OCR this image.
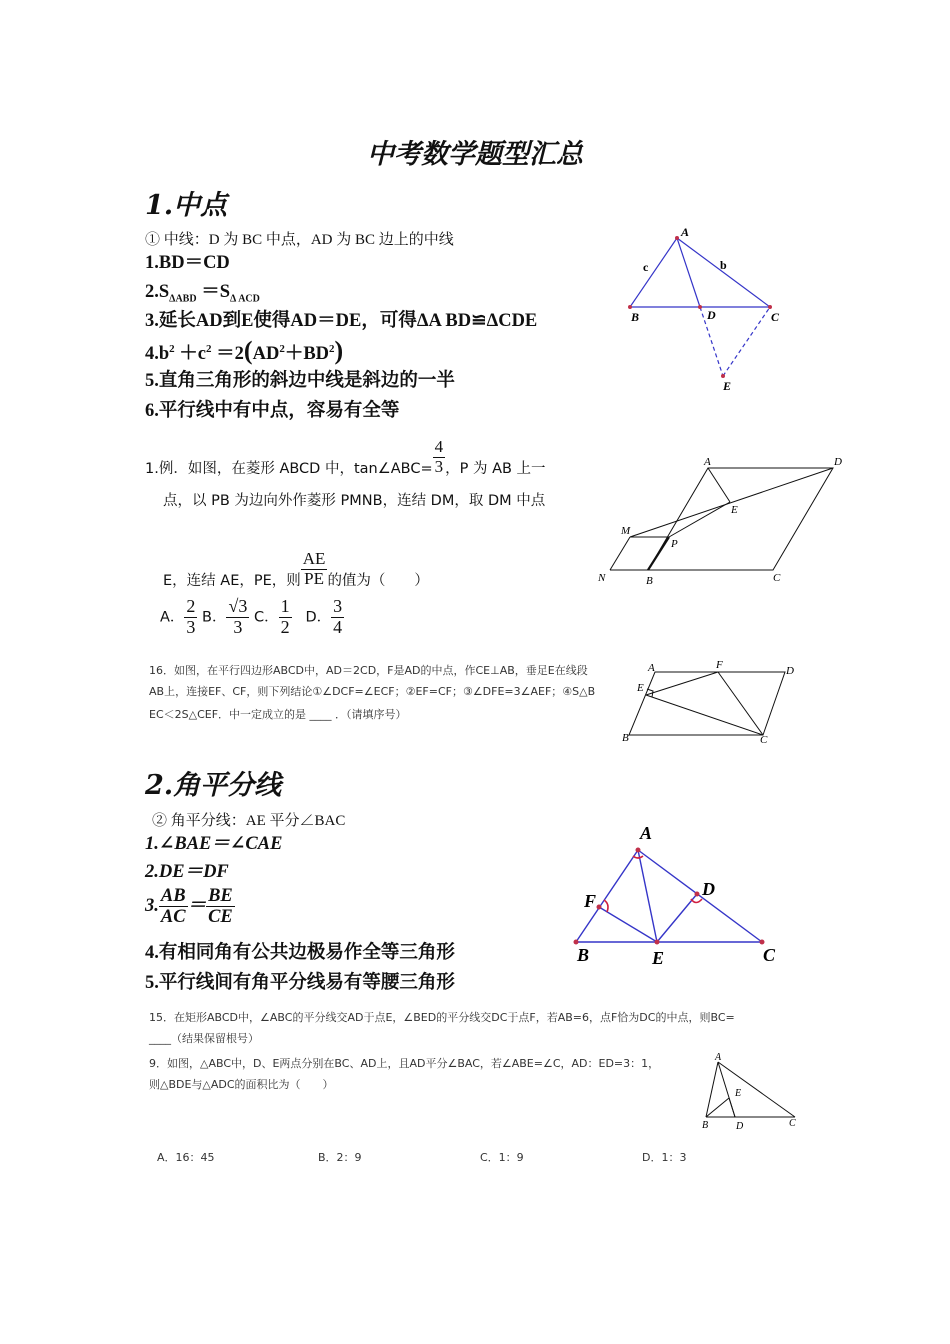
中考数学题型汇总
1.中点
① 中线：D 为 BC 中点，AD 为 BC 边上的中线
1.BD＝CD
$2.S_{\Delta ABD} =S_{\Delta ACD}$
3.延长AD到E使得AD＝DE，可得ΔA BD≌ΔCDE
$4.b^2 +c^2 =2(AD^2+BD^2)$
5.直角三角形的斜边中线是斜边的一半
6.平行线中有中点，容易有全等
A
B	C
D
E
b
c
1.例．如图，在菱形 ABCD 中，tan∠ABC= $\frac{4}{3}$ ，P 为 AB 上一
点，以 PB 为边向外作菱形 PMNB，连结 DM，取 DM 中点
E，连结 AE，PE，则 $\frac{AE}{PE}$ 的值为（　　）
A． $\frac{2}{3}$ B． $\frac{√3}{3}$ C． $\frac{1}{2}$ D． $\frac{3}{4}$
A
B	C
D
E
M
N
P
16．如图，在平行四边形ABCD中，AD＝2CD，F是AD的中点，作CE⊥AB，垂足E在线段
AB上，连接EF、CF，则下列结论①∠DCF=∠ECF；②EF=CF；③∠DFE=3∠AEF；④S△B
EC＜2S△CEF．中一定成立的是 ____ ．（请填序号）
A
B	C
D
E
F
2.角平分线
② 角平分线：AE 平分∠BAC
1.∠BAE＝∠CAE
2.DE＝DF
3. $\frac{AB}{AC} = \frac{BE}{CE}$
4.有相同角有公共边极易作全等三角形
5.平行线间有角平分线易有等腰三角形
A
B	C
D
E
F
15．在矩形ABCD中，∠ABC的平分线交AD于点E，∠BED的平分线交DC于点F，若AB=6，点F恰为DC的中点，则BC=
____（结果保留根号）
9．如图，△ABC中，D、E两点分别在BC、AD上，且AD平分∠BAC，若∠ABE=∠C，AD：ED=3：1，
则△BDE与△ADC的面积比为（　　）
A
B	C
D
E
A．16：45	B．2：9	C．1：9	D．1：3
